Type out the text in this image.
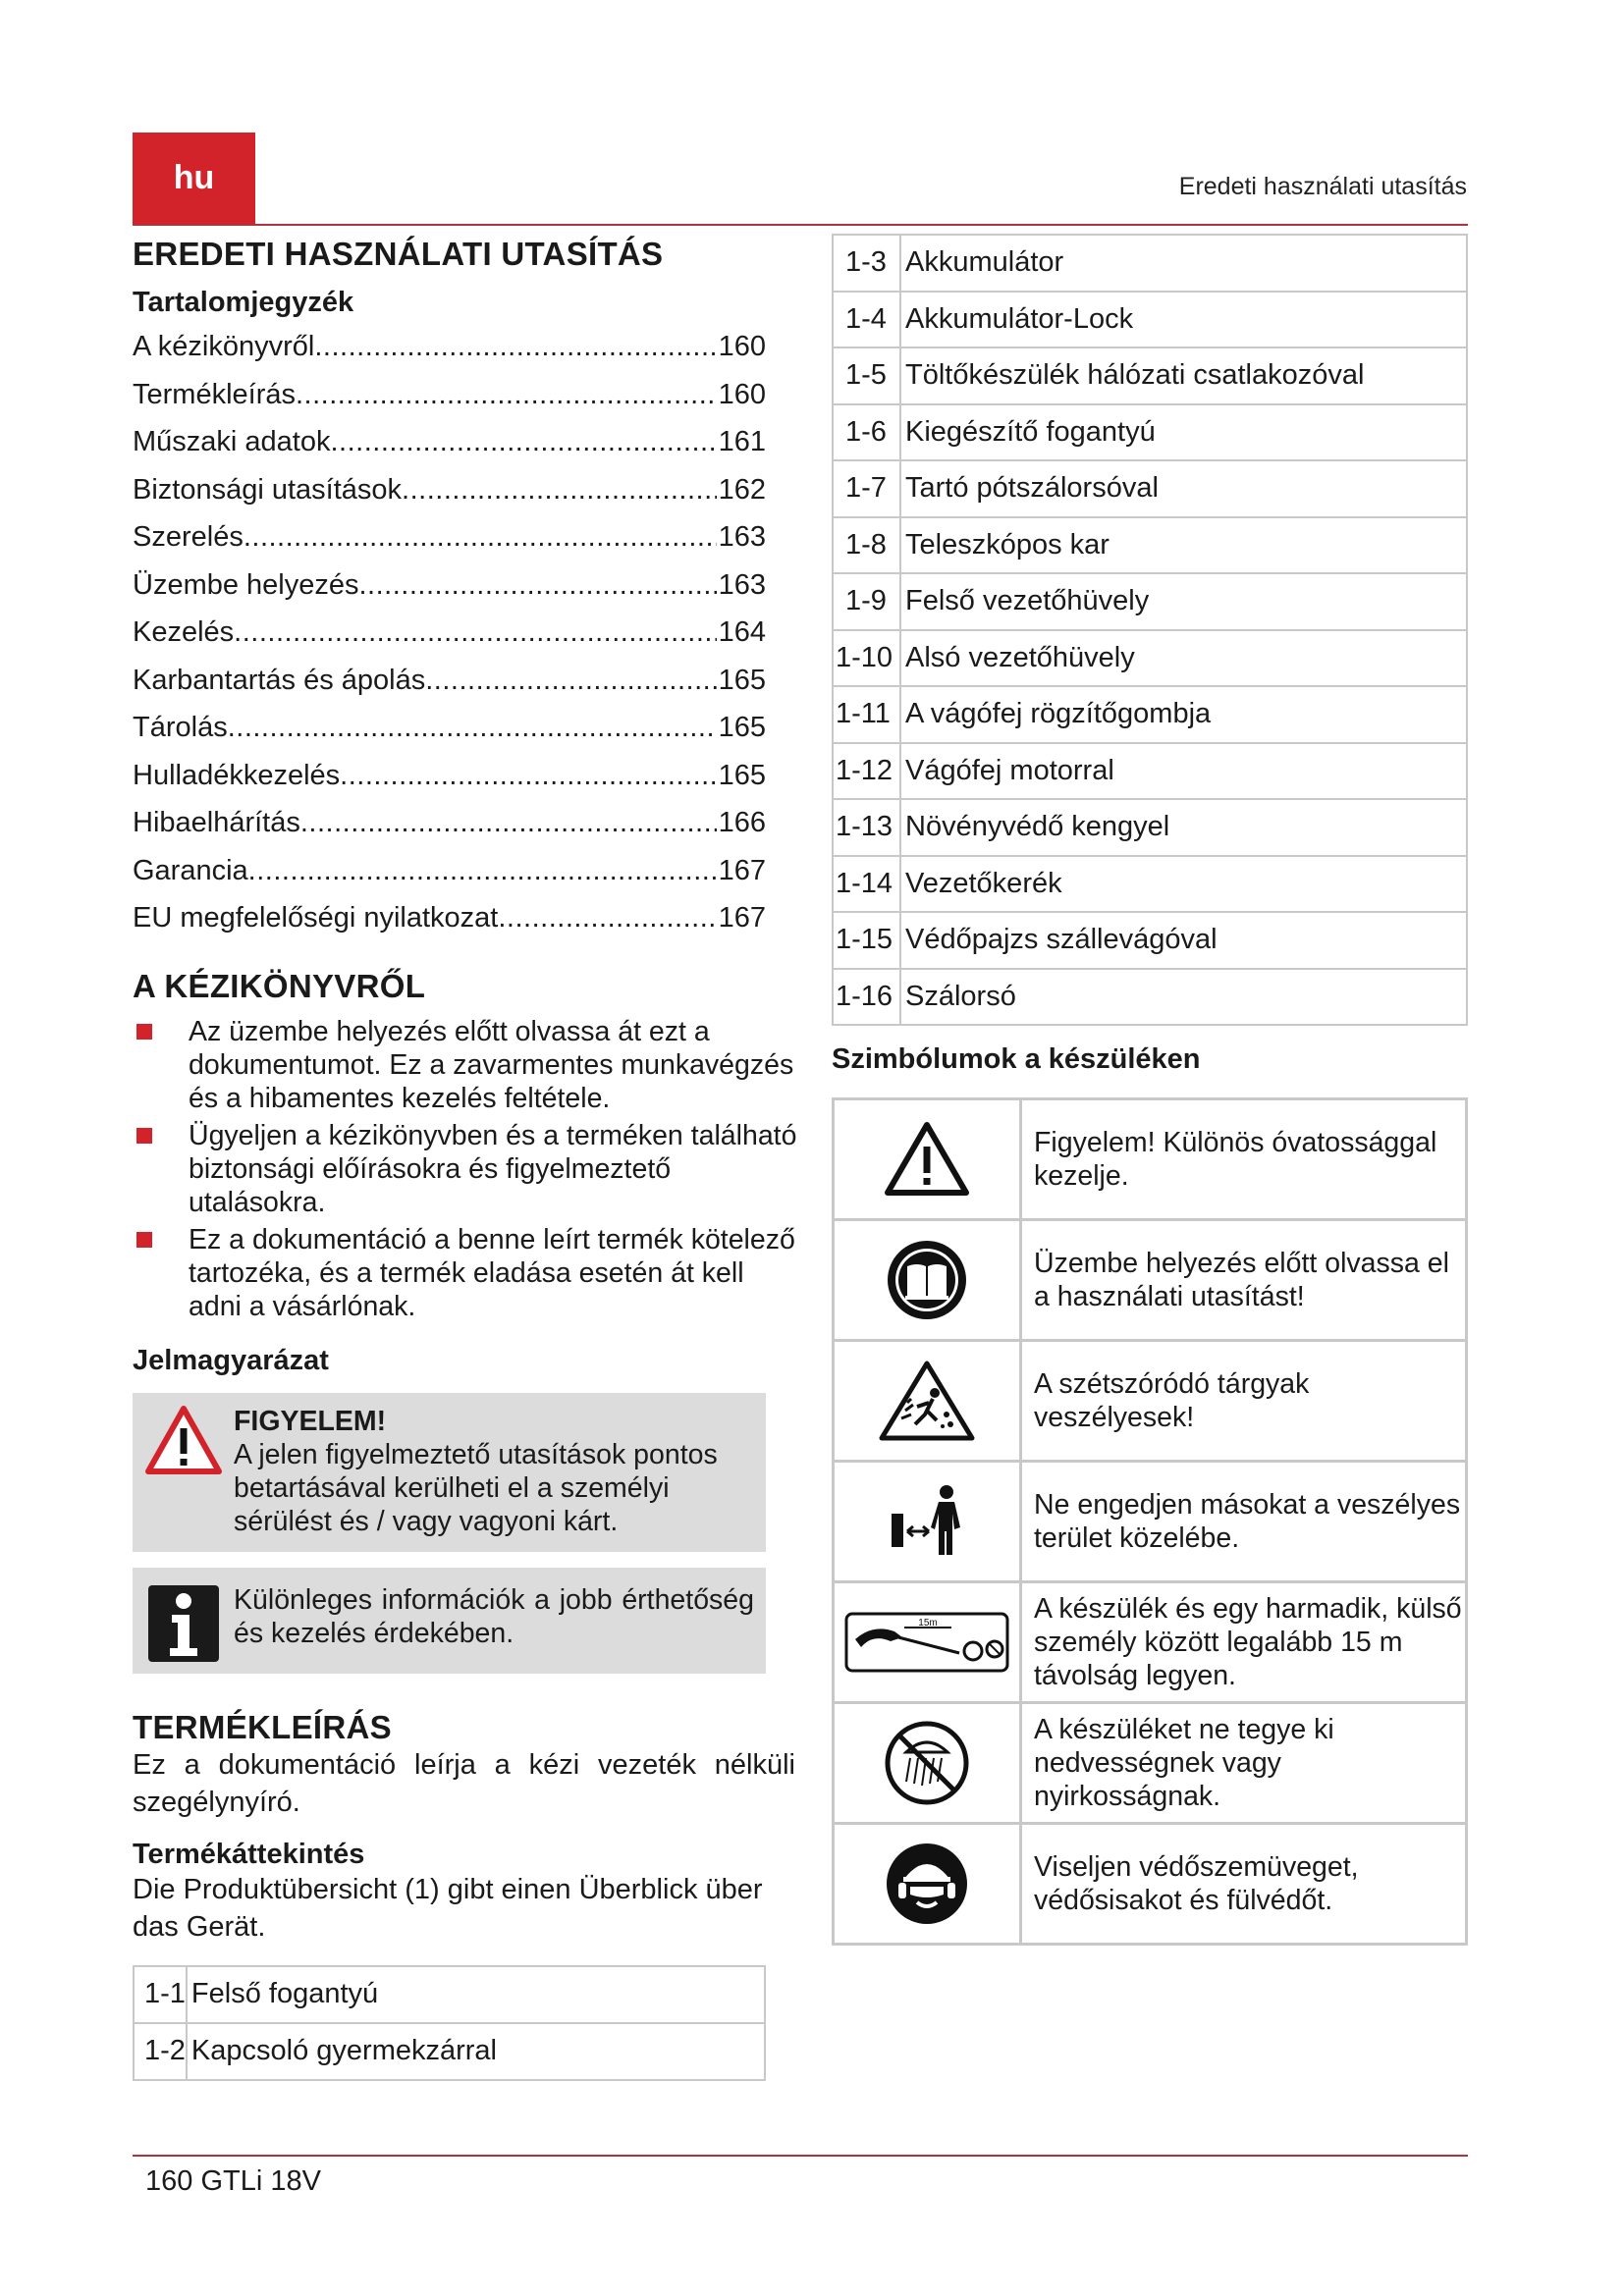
hu	Eredeti használati utasítás
EREDETI HASZNÁLATI UTASÍTÁS
Tartalomjegyzék
A kézikönyvről .....	160
Termékleírás .....	160
Műszaki adatok .....	161
Biztonsági utasítások .....	162
Szerelés .....	163
Üzembe helyezés .....	163
Kezelés .....	164
Karbantartás és ápolás .....	165
Tárolás .....	165
Hulladékkezelés .....	165
Hibaelhárítás .....	166
Garancia .....	167
EU megfelelőségi nyilatkozat .....	167
A KÉZIKÖNYVRŐL
Az üzembe helyezés előtt olvassa át ezt a dokumentumot. Ez a zavarmentes munkavégzés és a hibamentes kezelés feltétele.
Ügyeljen a kézikönyvben és a terméken található biztonsági előírásokra és figyelmeztető utalásokra.
Ez a dokumentáció a benne leírt termék kötelező tartozéka, és a termék eladása esetén át kell adni a vásárlónak.
Jelmagyarázat
FIGYELEM!
A jelen figyelmeztető utasítások pontos betartásával kerülheti el a személyi sérülést és / vagy vagyoni kárt.
Különleges információk a jobb érthetőség és kezelés érdekében.
TERMÉKLEÍRÁS
Ez a dokumentáció leírja a kézi vezeték nélküli szegélynyíró.
Termékáttekintés
Die Produktübersicht (1) gibt einen Überblick über das Gerät.
1-1	Felső fogantyú
1-2	Kapcsoló gyermekzárral
1-3	Akkumulátor
1-4	Akkumulátor-Lock
1-5	Töltőkészülék hálózati csatlakozóval
1-6	Kiegészítő fogantyú
1-7	Tartó pótszálorsóval
1-8	Teleszkópos kar
1-9	Felső vezetőhüvely
1-10	Alsó vezetőhüvely
1-11	A vágófej rögzítőgombja
1-12	Vágófej motorral
1-13	Növényvédő kengyel
1-14	Vezetőkerék
1-15	Védőpajzs szállevágóval
1-16	Szálorsó
Szimbólumok a készüléken
	Figyelem! Különös óvatossággal kezelje.

	Üzembe helyezés előtt olvassa el a használati utasítást!

	A szétszóródó tárgyak veszélyesek!

	Ne engedjen másokat a veszélyes terület közelébe.

15m	A készülék és egy harmadik, külső személy között legalább 15 m távolság legyen.

	A készüléket ne tegye ki nedvességnek vagy nyirkosságnak.

	Viseljen védőszemüveget, védősisakot és fülvédőt.
160 GTLi 18V
